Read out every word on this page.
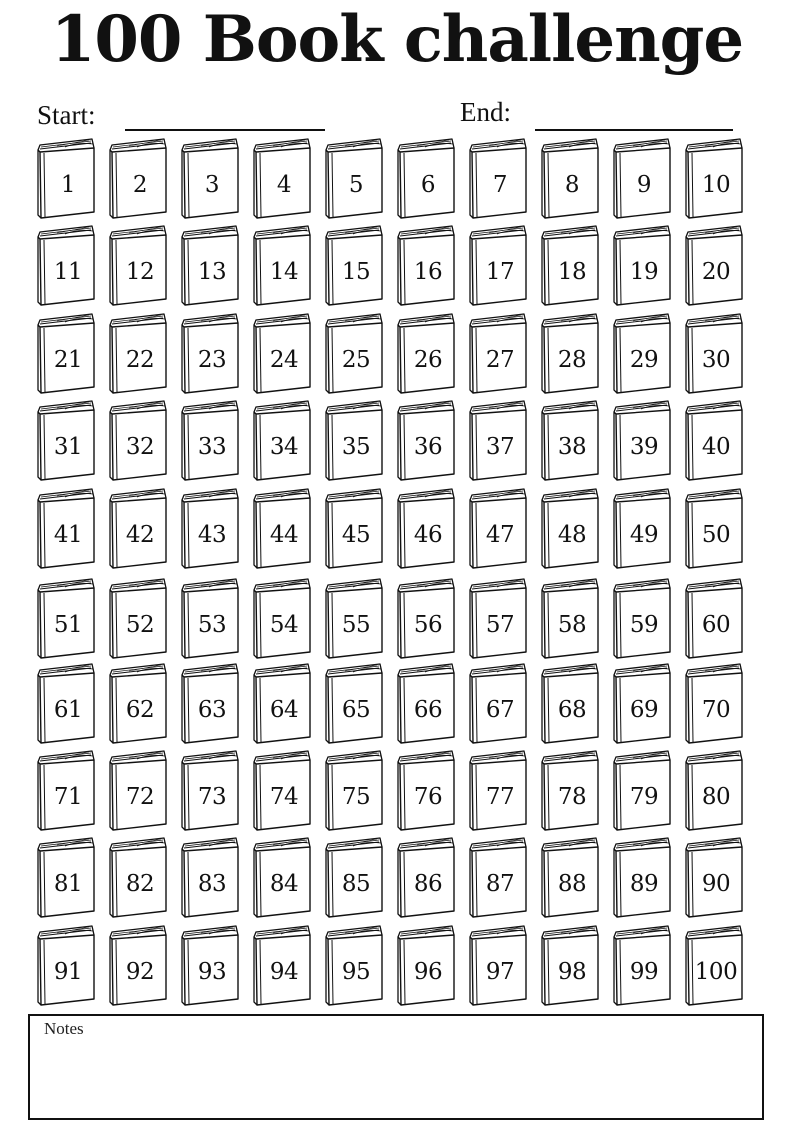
100 Book challenge
Start:	End:
1	2	3	4	5	6	7	8	9	10
11	12	13	14	15	16	17	18	19	20
21	22	23	24	25	26	27	28	29	30
31	32	33	34	35	36	37	38	39	40
41	42	43	44	45	46	47	48	49	50
51	52	53	54	55	56	57	58	59	60
61	62	63	64	65	66	67	68	69	70
71	72	73	74	75	76	77	78	79	80
81	82	83	84	85	86	87	88	89	90
91	92	93	94	95	96	97	98	99	100
Notes
